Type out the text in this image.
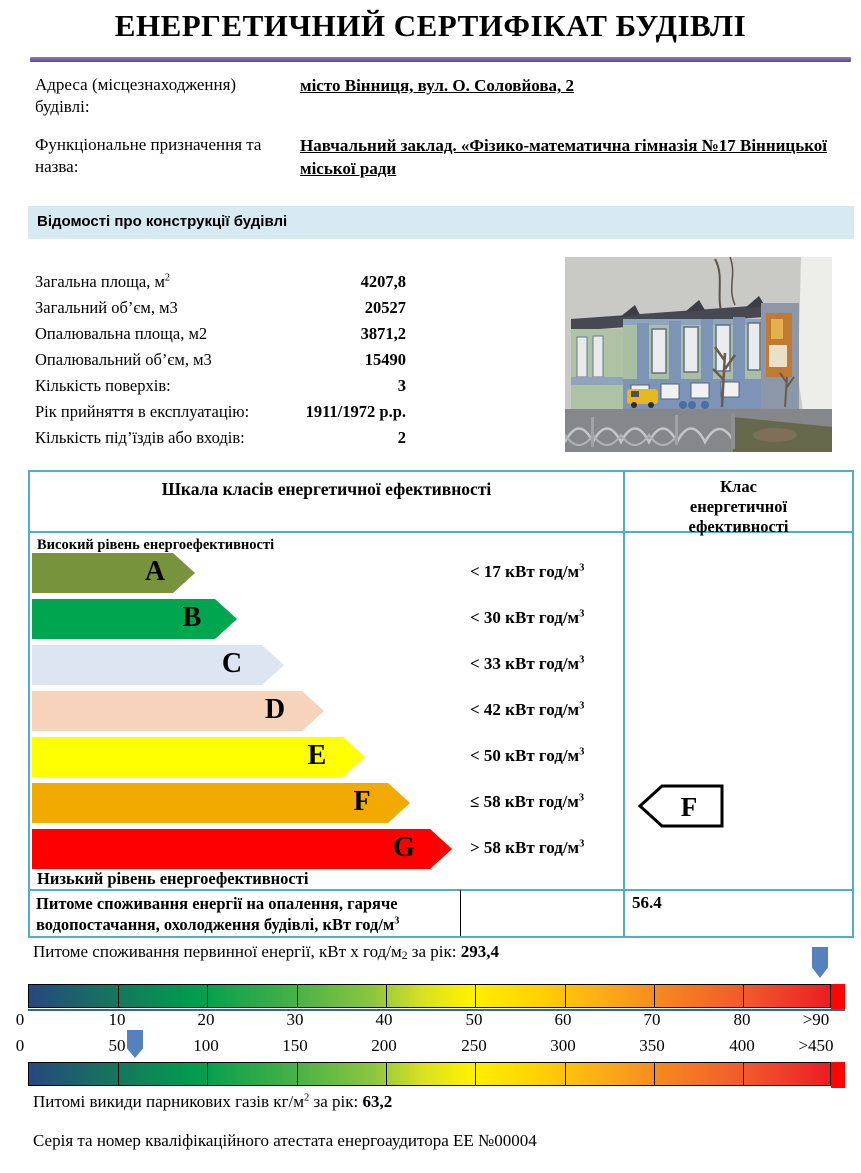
ЕНЕРГЕТИЧНИЙ СЕРТИФІКАТ БУДІВЛІ
Адреса (місцезнаходження) будівлі:
місто Вінниця, вул. О. Соловйова, 2
Функціональне призначення та назва:
Навчальний заклад. «Фізико-математична гімназія №17 Вінницької міської ради
Відомості про конструкції будівлі
Загальна площа, $м^2$	4207,8
Загальний об’єм, м3	20527
Опалювальна площа, м2	3871,2
Опалювальний об’єм, м3	15490
Кількість поверхів:	3
Рік прийняття в експлуатацію:	1911/1972 р.р.
Кількість під’їздів або входів:	2
Шкала класів енергетичної ефективності	Клас енергетичної ефективності
Високий рівень енергоефективності
A	< 17 кВт год/$м^3$
B	< 30 кВт год/$м^3$
C	< 33 кВт год/$м^3$
D	< 42 кВт год/$м^3$
E	< 50 кВт год/$м^3$
F	≤ 58 кВт год/$м^3$
G	> 58 кВт год/$м^3$
Низький рівень енергоефективності
F
Питоме споживання енергії на опалення, гаряче водопостачання, охолодження будівлі, кВт год/$м^3$
56.4
Питоме споживання первинної енергії, кВт х год/$м_2$ за рік: 293,4
0	10	20	30	40	50	60	70	80	>90
0	50	100	150	200	250	300	350	400	>450
Питомі викиди парникових газів $кг/м^2$ за рік: 63,2
Серія та номер кваліфікаційного атестата енергоаудитора ЕЕ №00004
